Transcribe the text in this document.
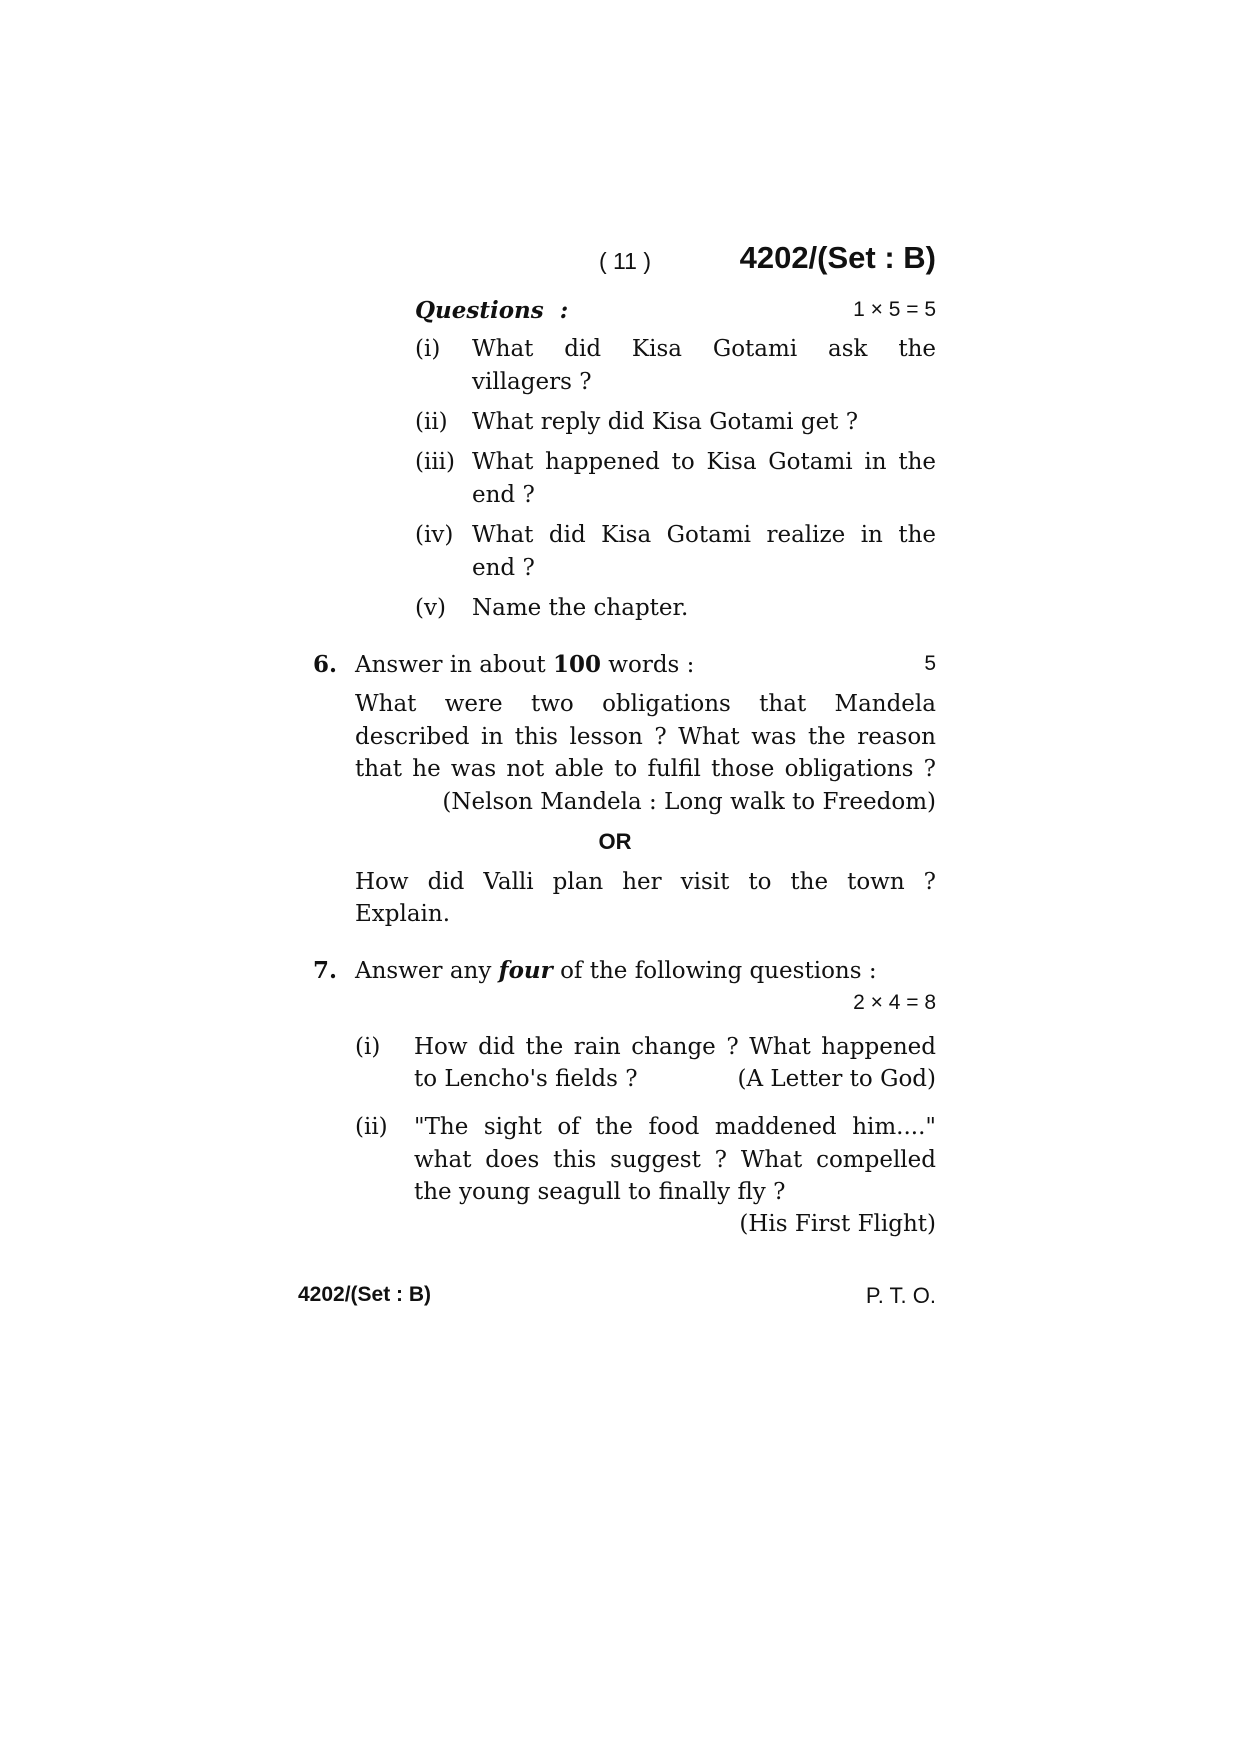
( 11 )	4202/(Set : B)
Questions :	1 × 5 = 5
(i) What did Kisa Gotami ask the
villagers ?
(ii) What reply did Kisa Gotami get ?
(iii) What happened to Kisa Gotami in the
end ?
(iv) What did Kisa Gotami realize in the
end ?
(v) Name the chapter.
6. Answer in about 100 words :	5
What were two obligations that Mandela
described in this lesson ? What was the reason
that he was not able to fulfil those obligations ?
(Nelson Mandela : Long walk to Freedom)
OR
How did Valli plan her visit to the town ?
Explain.
7. Answer any four of the following questions :
2 × 4 = 8
(i) How did the rain change ? What happened
to Lencho's fields ?	(A Letter to God)
(ii) "The sight of the food maddened him...."
what does this suggest ? What compelled
the young seagull to finally fly ?
(His First Flight)
4202/(Set : B)	P. T. O.
